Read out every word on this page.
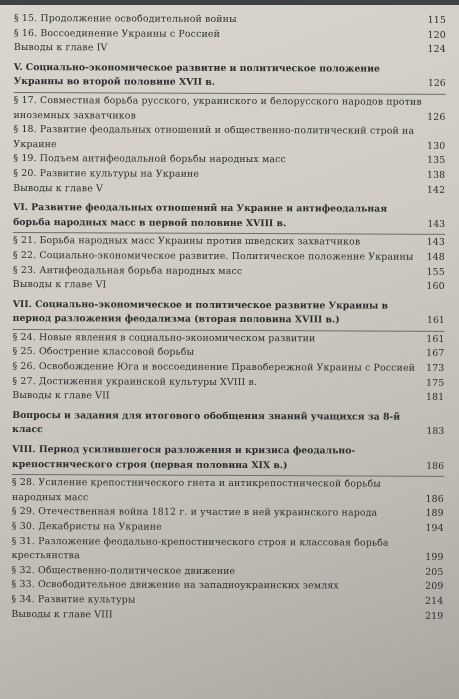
§ 15. Продолжение освободительной войны	115
§ 16. Воссоединение Украины с Россией	120
Выводы к главе IV	124
V. Социально-экономическое развитие и политическое положение Украины во второй половине XVII в.	126
§ 17. Совместная борьба русского, украинского и белорусского народов против иноземных захватчиков	126
§ 18. Развитие феодальных отношений и общественно-политический строй на Украине	130
§ 19. Подъем антифеодальной борьбы народных масс	135
§ 20. Развитие культуры на Украине	138
Выводы к главе V	142
VI. Развитие феодальных отношений на Украине и антифеодальная борьба народных масс в первой половине XVIII в.	143
§ 21. Борьба народных масс Украины против шведских захватчиков	143
§ 22. Социально-экономическое развитие. Политическое положение Украины	148
§ 23. Антифеодальная борьба народных масс	155
Выводы к главе VI	160
VII. Социально-экономическое и политическое развитие Украины в период разложения феодализма (вторая половина XVIII в.)	161
§ 24. Новые явления в социально-экономическом развитии	161
§ 25. Обострение классовой борьбы	167
§ 26. Освобождение Юга и воссоединение Правобережной Украины с Россией	173
§ 27. Достижения украинской культуры XVIII в.	175
Выводы к главе VII	181
Вопросы и задания для итогового обобщения знаний учащихся за 8-й класс	183
VIII. Период усилившегося разложения и кризиса феодально-крепостнического строя (первая половина XIX в.)	186
§ 28. Усиление крепостнического гнета и антикрепостнической борьбы народных масс	186
§ 29. Отечественная война 1812 г. и участие в ней украинского народа	189
§ 30. Декабристы на Украине	194
§ 31. Разложение феодально-крепостнического строя и классовая борьба крестьянства	199
§ 32. Общественно-политическое движение	205
§ 33. Освободительное движение на западноукраинских землях	209
§ 34. Развитие культуры	214
Выводы к главе VIII	219
